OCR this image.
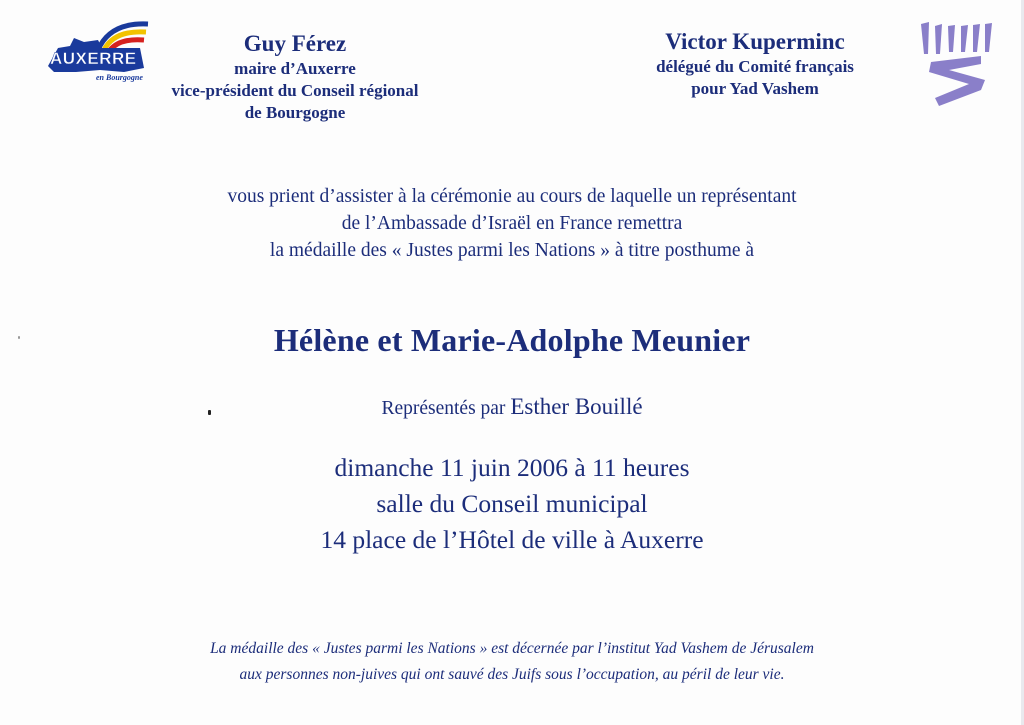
AUXERRE
en Bourgogne
Guy Férez
maire d’Auxerre
vice-président du Conseil régional
de Bourgogne
Victor Kuperminc
délégué du Comité français
pour Yad Vashem
vous prient d’assister à la cérémonie au cours de laquelle un représentant
de l’Ambassade d’Israël en France remettra
la médaille des « Justes parmi les Nations » à titre posthume à
Hélène et Marie-Adolphe Meunier
Représentés par Esther Bouillé
dimanche 11 juin 2006 à 11 heures
salle du Conseil municipal
14 place de l’Hôtel de ville à Auxerre
La médaille des « Justes parmi les Nations » est décernée par l’institut Yad Vashem de Jérusalem
aux personnes non-juives qui ont sauvé des Juifs sous l’occupation, au péril de leur vie.
